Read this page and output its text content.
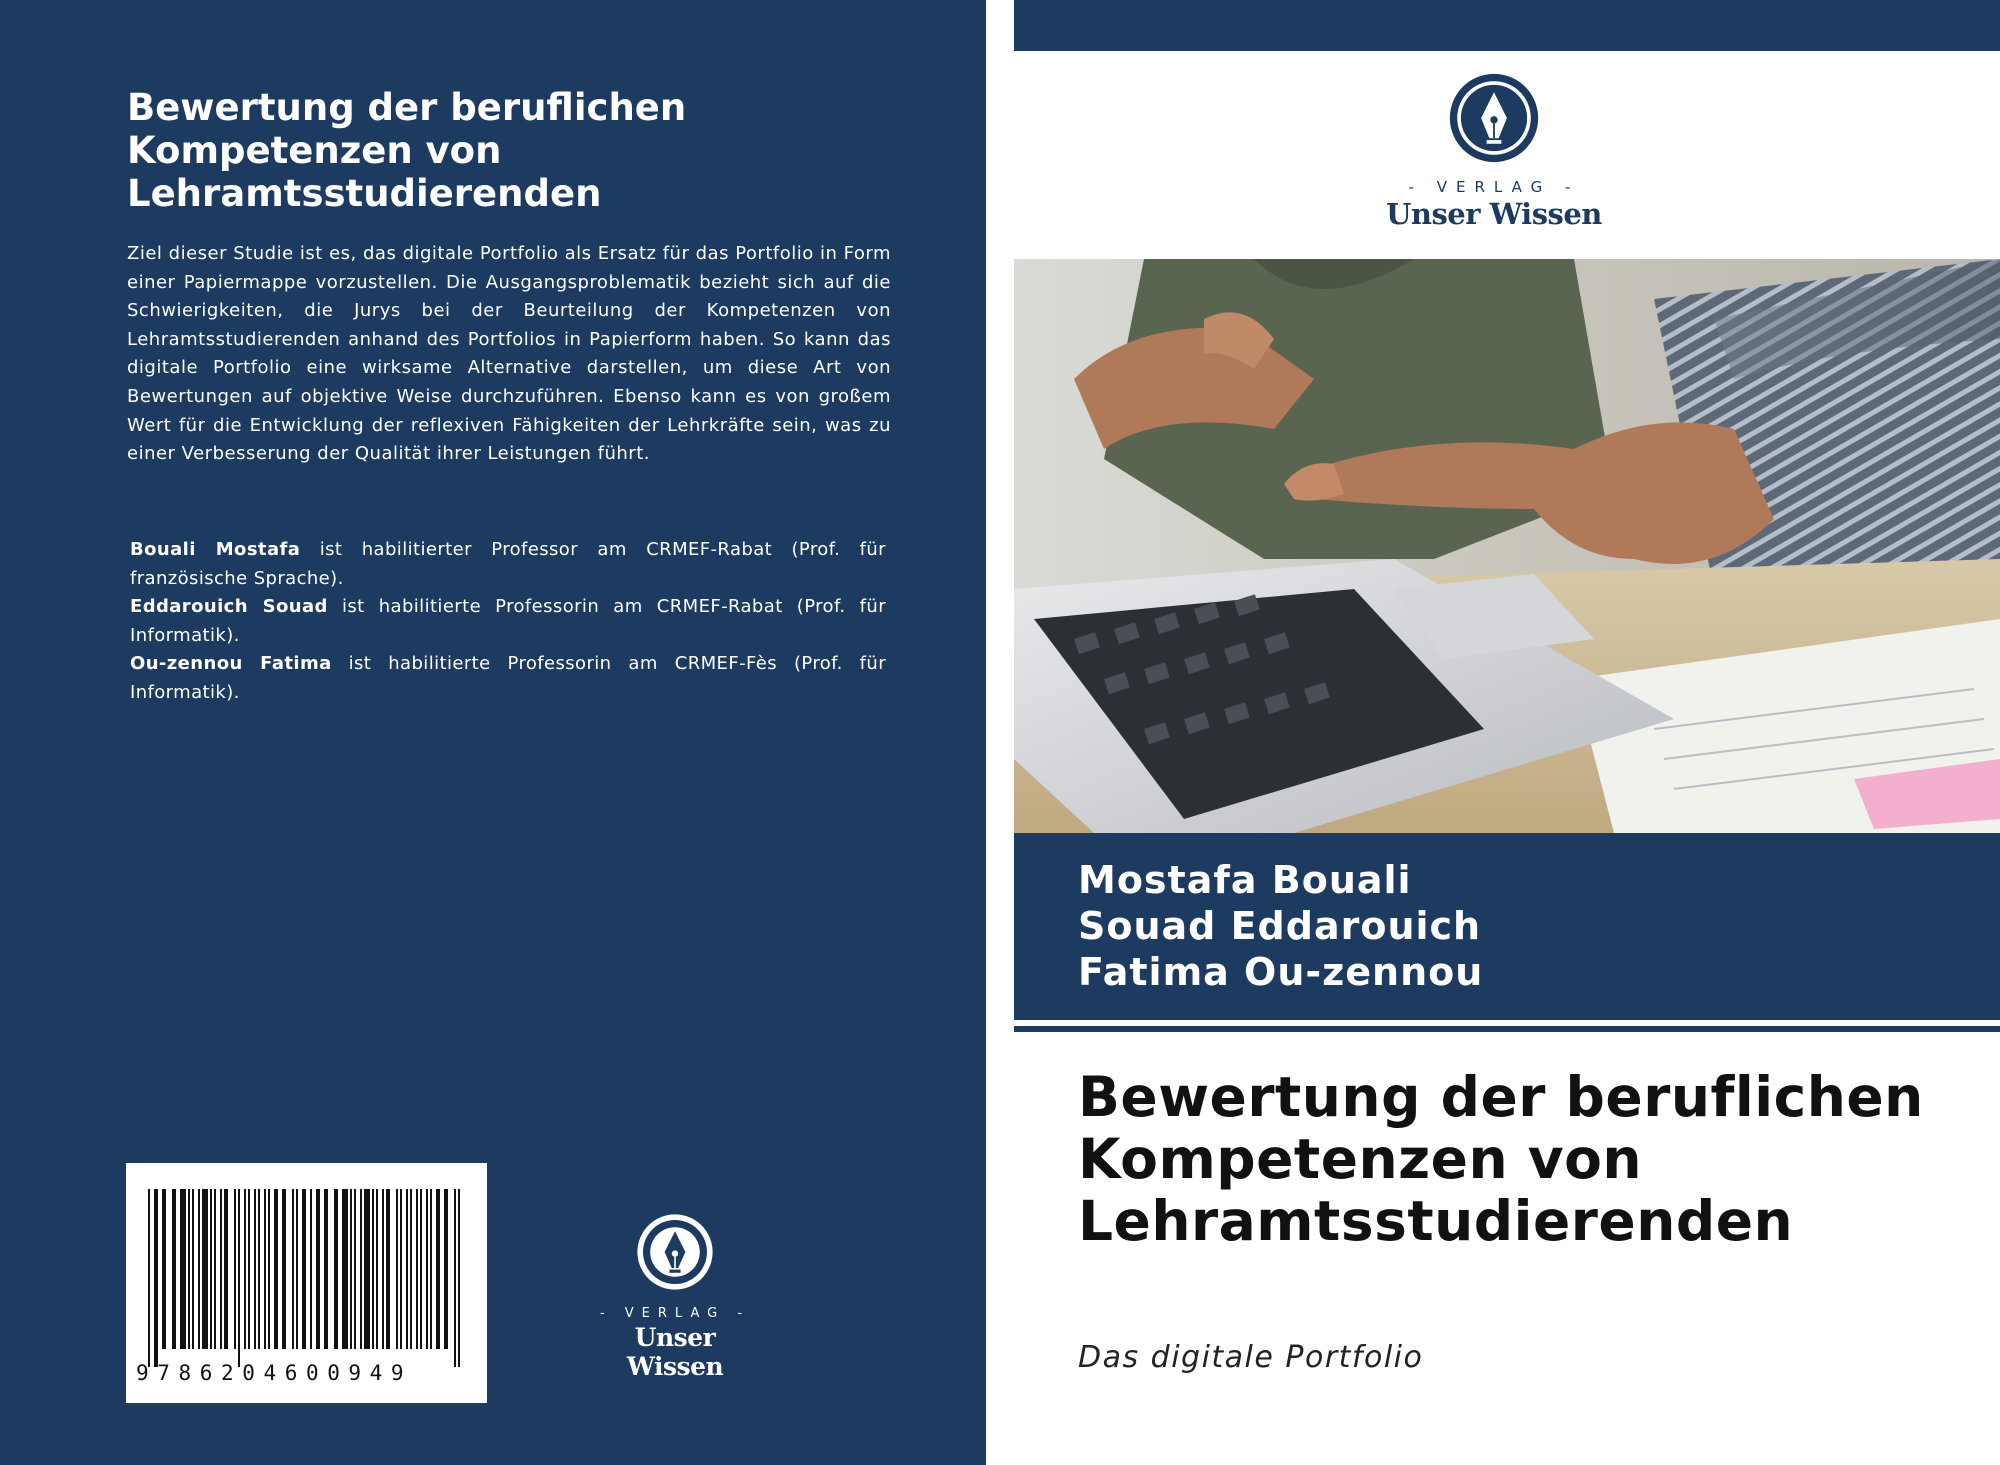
Bewertung der beruflichen Kompetenzen von Lehramtsstudierenden

Ziel dieser Studie ist es, das digitale Portfolio als Ersatz für das Portfolio in Form einer Papiermappe vorzustellen. Die Ausgangsproblematik bezieht sich auf die Schwierigkeiten, die Jurys bei der Beurteilung der Kompetenzen von Lehramtsstudierenden anhand des Portfolios in Papierform haben. So kann das digitale Portfolio eine wirksame Alternative darstellen, um diese Art von Bewertungen auf objektive Weise durchzuführen. Ebenso kann es von großem Wert für die Entwicklung der reflexiven Fähigkeiten der Lehrkräfte sein, was zu einer Verbesserung der Qualität ihrer Leistungen führt.

Bouali Mostafa ist habilitierter Professor am CRMEF-Rabat (Prof. für französische Sprache).

Eddarouich Souad ist habilitierte Professorin am CRMEF-Rabat (Prof. für Informatik).

Ou-zennou Fatima ist habilitierte Professorin am CRMEF-Fès (Prof. für Informatik).

9786204600949
- VERLAG -
Unser Wissen
- VERLAG -
Unser Wissen

Mostafa Bouali

Souad Eddarouich

Fatima Ou-zennou

Bewertung der beruflichen Kompetenzen von Lehramtsstudierenden

Das digitale Portfolio
